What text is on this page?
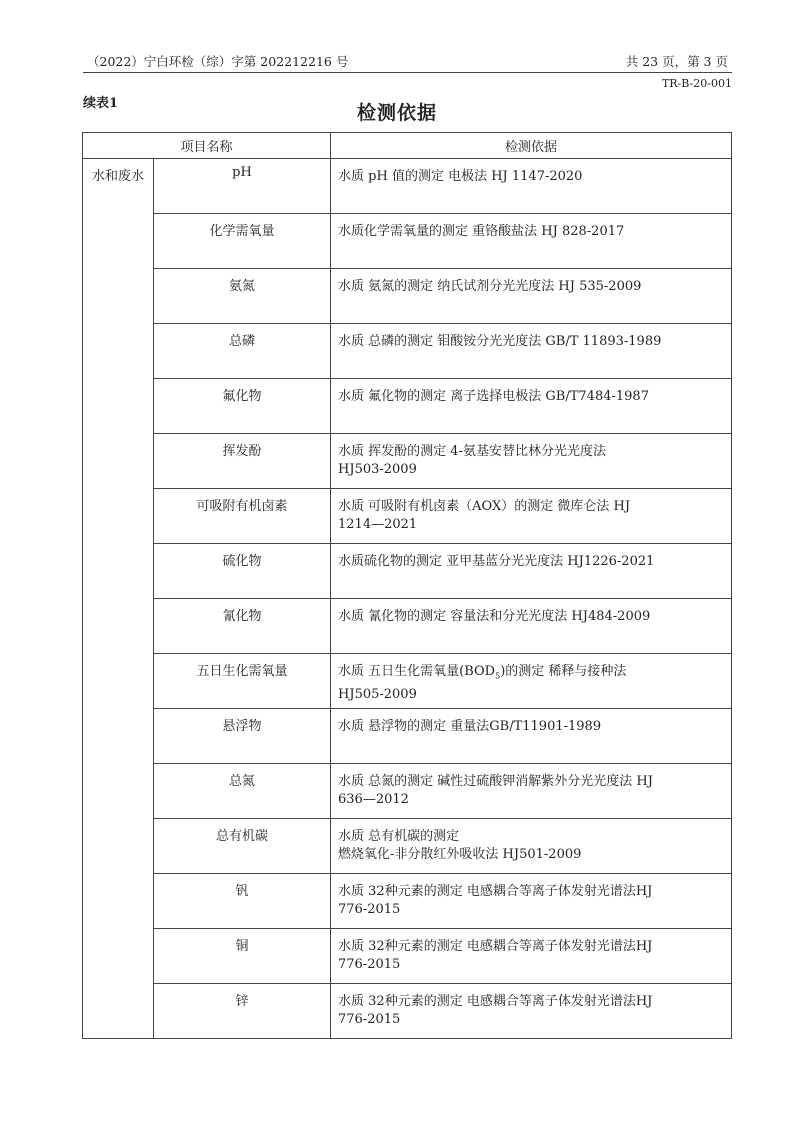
（2022）宁白环检（综）字第 202212216 号	共 23 页，第 3 页
TR-B-20-001
续表1	检测依据
项目名称		检测依据
水和废水	pH	水质 pH 值的测定 电极法 HJ 1147-2020
	化学需氧量	水质化学需氧量的测定 重铬酸盐法 HJ 828-2017
	氨氮	水质 氨氮的测定 纳氏试剂分光光度法 HJ 535-2009
	总磷	水质 总磷的测定 钼酸铵分光光度法 GB/T 11893-1989
	氟化物	水质 氟化物的测定 离子选择电极法 GB/T7484-1987
	挥发酚	水质 挥发酚的测定 4-氨基安替比林分光光度法
HJ503-2009
	可吸附有机卤素	水质 可吸附有机卤素（AOX）的测定 微库仑法 HJ
1214—2021
	硫化物	水质硫化物的测定 亚甲基蓝分光光度法 HJ1226-2021
	氰化物	水质 氰化物的测定 容量法和分光光度法 HJ484-2009
	五日生化需氧量	水质 五日生化需氧量$(BOD_5)$的测定 稀释与接种法
HJ505-2009
	悬浮物	水质 悬浮物的测定 重量法GB/T11901-1989
	总氮	水质 总氮的测定 碱性过硫酸钾消解紫外分光光度法 HJ
636—2012
	总有机碳	水质 总有机碳的测定
燃烧氧化-非分散红外吸收法 HJ501-2009
	钒	水质 32种元素的测定 电感耦合等离子体发射光谱法HJ
776-2015
	铜	水质 32种元素的测定 电感耦合等离子体发射光谱法HJ
776-2015
	锌	水质 32种元素的测定 电感耦合等离子体发射光谱法HJ
776-2015
